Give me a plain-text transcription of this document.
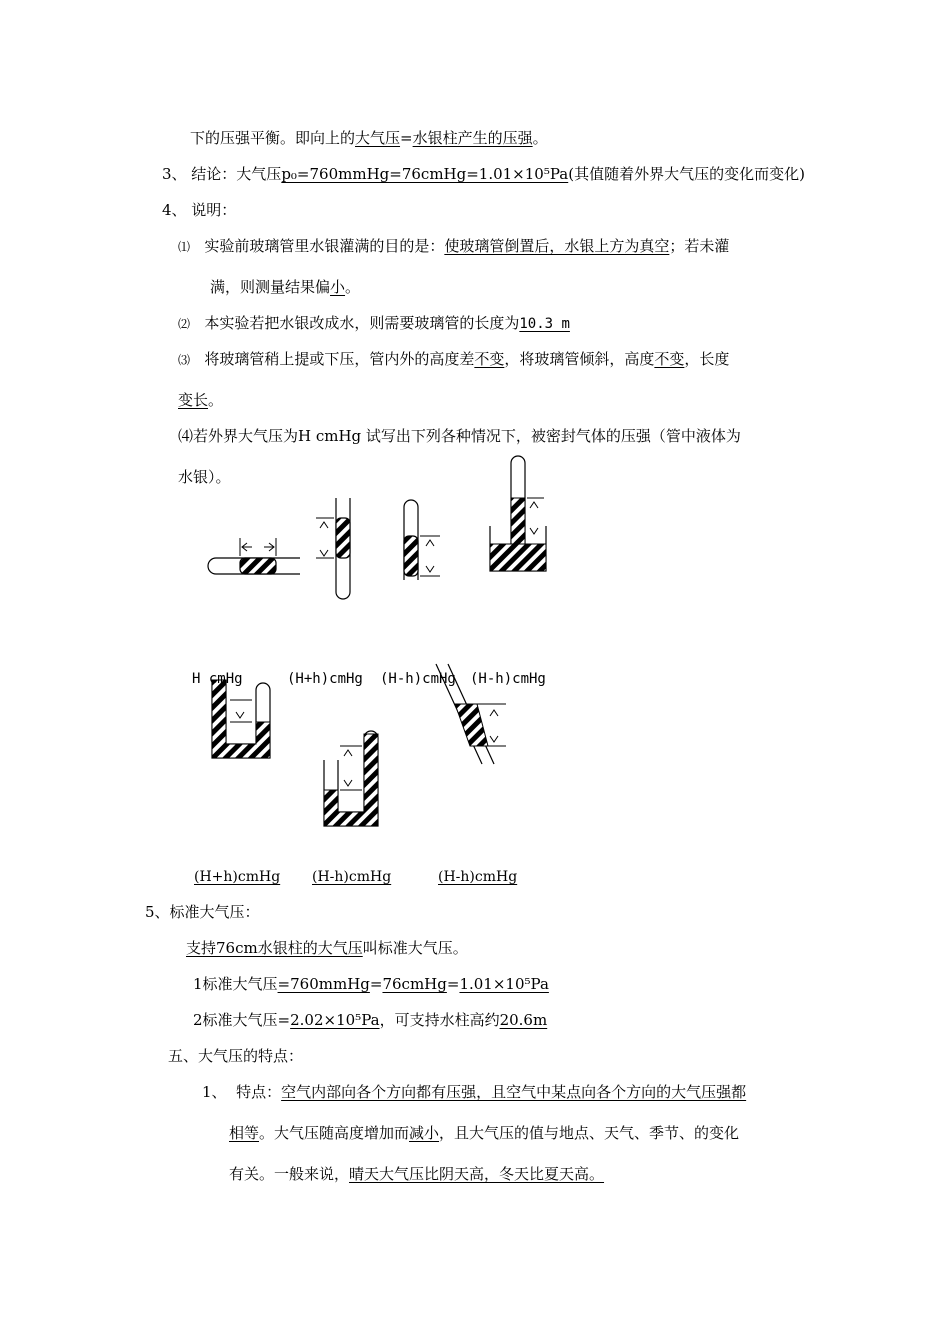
下的压强平衡。即向上的大气压=水银柱产生的压强。
3、 结论：大气压p₀=760mmHg=76cmHg=1.01×10⁵Pa(其值随着外界大气压的变化而变化)
4、 说明：
⑴ 实验前玻璃管里水银灌满的目的是：使玻璃管倒置后，水银上方为真空；若未灌
满，则测量结果偏小。
⑵ 本实验若把水银改成水，则需要玻璃管的长度为10.3 m
⑶ 将玻璃管稍上提或下压，管内外的高度差不变，将玻璃管倾斜，高度不变，长度
变长。
⑷若外界大气压为H cmHg 试写出下列各种情况下，被密封气体的压强（管中液体为
水银）。
H cmHg	(H+h)cmHg (H-h)cmHg (H-h)cmHg
(H+h)cmHg	(H-h)cmHg	(H-h)cmHg
5、标准大气压：
支持76cm水银柱的大气压叫标准大气压。
1标准大气压=760mmHg=76cmHg=1.01×10⁵Pa
2标准大气压=2.02×10⁵Pa，可支持水柱高约20.6m
五、大气压的特点：
1、 特点：空气内部向各个方向都有压强，且空气中某点向各个方向的大气压强都
相等。大气压随高度增加而减小，且大气压的值与地点、天气、季节、的变化
有关。一般来说，晴天大气压比阴天高，冬天比夏天高。
